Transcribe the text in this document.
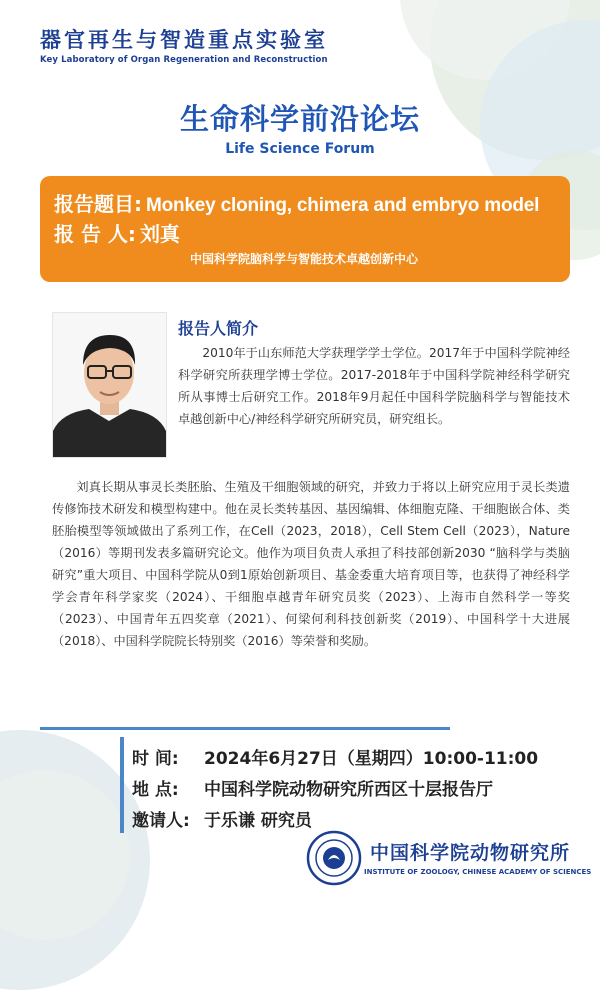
器官再生与智造重点实验室
Key Laboratory of Organ Regeneration and Reconstruction
生命科学前沿论坛
Life Science Forum
报告题目: Monkey cloning, chimera and embryo model
报 告 人: 刘真
中国科学院脑科学与智能技术卓越创新中心
报告人简介
2010年于山东师范大学获理学学士学位。2017年于中国科学院神经科学研究所获理学博士学位。2017-2018年于中国科学院神经科学研究所从事博士后研究工作。2018年9月起任中国科学院脑科学与智能技术卓越创新中心/神经科学研究所研究员，研究组长。
刘真长期从事灵长类胚胎、生殖及干细胞领域的研究，并致力于将以上研究应用于灵长类遗传修饰技术研发和模型构建中。他在灵长类转基因、基因编辑、体细胞克隆、干细胞嵌合体、类胚胎模型等领域做出了系列工作，在Cell（2023，2018），Cell Stem Cell（2023），Nature（2016）等期刊发表多篇研究论文。他作为项目负责人承担了科技部创新2030 “脑科学与类脑研究”重大项目、中国科学院从0到1原始创新项目、基金委重大培育项目等，也获得了神经科学学会青年科学家奖（2024）、干细胞卓越青年研究员奖（2023）、上海市自然科学一等奖（2023）、中国青年五四奖章（2021）、何梁何利科技创新奖（2019）、中国科学十大进展（2018）、中国科学院院长特别奖（2016）等荣誉和奖励。
时 间: 2024年6月27日（星期四）10:00-11:00
地 点: 中国科学院动物研究所西区十层报告厅
邀请人: 于乐谦 研究员
中国科学院动物研究所
INSTITUTE OF ZOOLOGY, CHINESE ACADEMY OF SCIENCES
